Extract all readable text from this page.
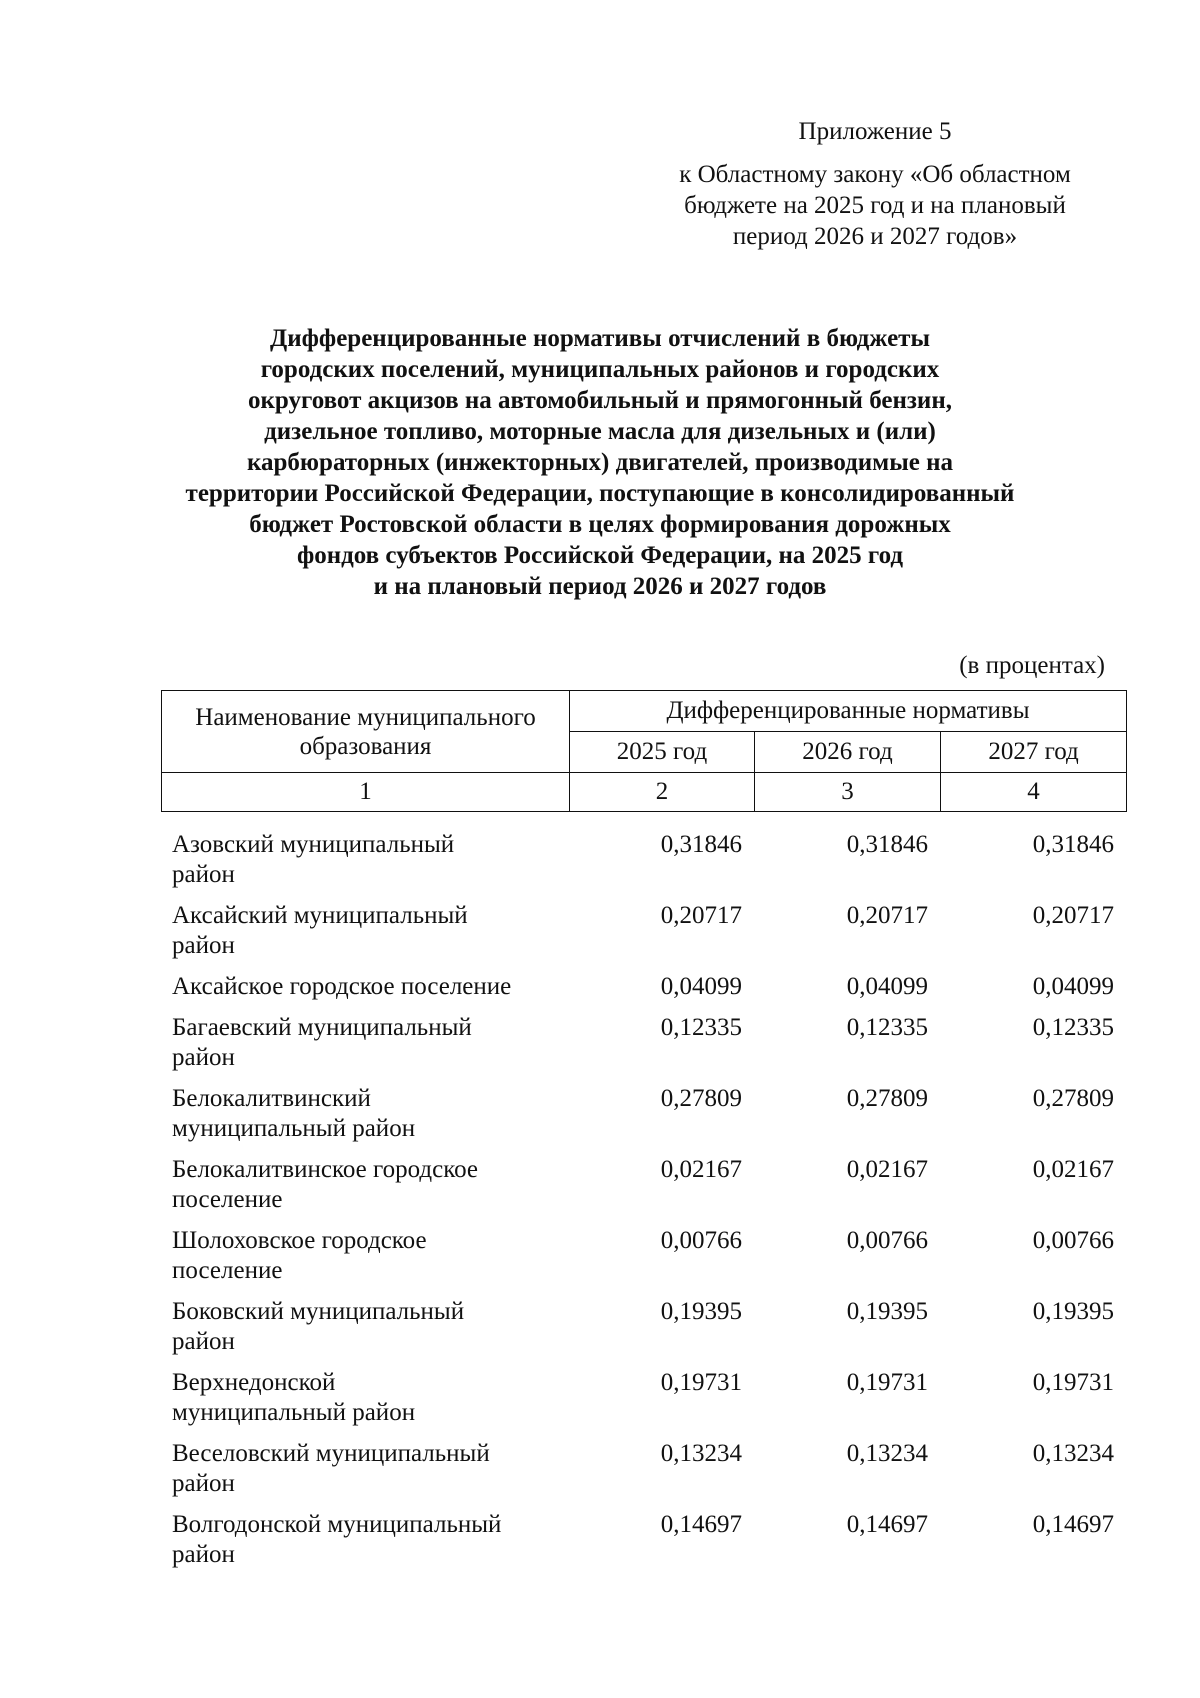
Приложение 5
к Областному закону «Об областном
бюджете на 2025 год и на плановый
период 2026 и 2027 годов»
Дифференцированные нормативы отчислений в бюджеты
городских поселений, муниципальных районов и городских
округовот акцизов на автомобильный и прямогонный бензин,
дизельное топливо, моторные масла для дизельных и (или)
карбюраторных (инжекторных) двигателей, производимые на
территории Российской Федерации, поступающие в консолидированный
бюджет Ростовской области в целях формирования дорожных
фондов субъектов Российской Федерации, на 2025 год
и на плановый период 2026 и 2027 годов
(в процентах)
Наименование муниципального
образования	Дифференцированные нормативы		
	2025 год	2026 год	2027 год
1	2	3	4
Азовский муниципальный
район	0,31846	0,31846	0,31846

Аксайский муниципальный
район	0,20717	0,20717	0,20717

Аксайское городское поселение	0,04099	0,04099	0,04099

Багаевский муниципальный
район	0,12335	0,12335	0,12335

Белокалитвинский
муниципальный район	0,27809	0,27809	0,27809

Белокалитвинское городское
поселение	0,02167	0,02167	0,02167

Шолоховское городское
поселение	0,00766	0,00766	0,00766

Боковский муниципальный
район	0,19395	0,19395	0,19395

Верхнедонской
муниципальный район	0,19731	0,19731	0,19731

Веселовский муниципальный
район	0,13234	0,13234	0,13234

Волгодонской муниципальный
район	0,14697	0,14697	0,14697
